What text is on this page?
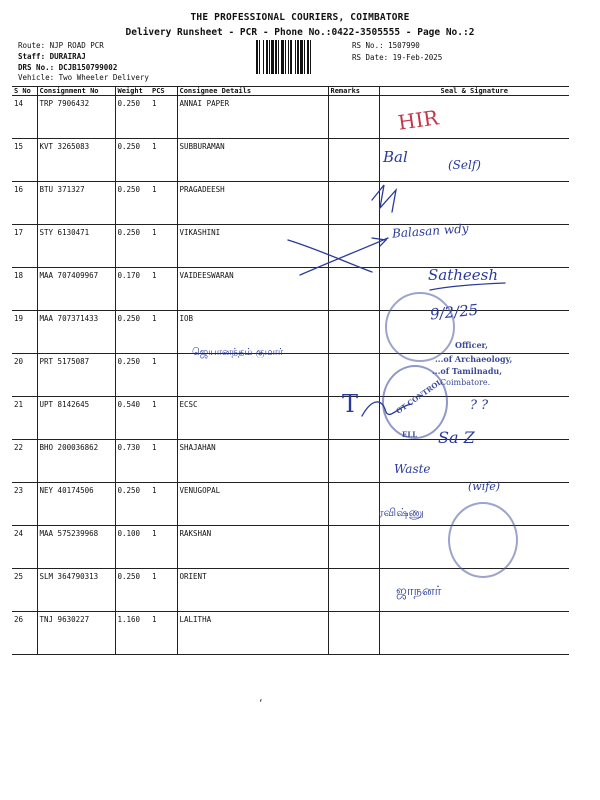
THE PROFESSIONAL COURIERS, COIMBATORE
Delivery Runsheet - PCR - Phone No.:0422-3505555 - Page No.:2
Route: NJP ROAD PCR
Staff: DURAIRAJ
DRS No.: DCJB150799002
Vehicle: Two Wheeler Delivery
RS No.: 1507990
RS Date: 19-Feb-2025
S No	Consignment No	Weight	PCS	Consignee Details	Remarks	Seal & Signature
14	TRP 7906432	0.250	1	ANNAI PAPER		
15	KVT 3265083	0.250	1	SUBBURAMAN		
16	BTU 371327	0.250	1	PRAGADEESH		
17	STY 6130471	0.250	1	VIKASHINI		
18	MAA 707409967	0.170	1	VAIDEESWARAN		
19	MAA 707371433	0.250	1	IOB		
20	PRT 5175087	0.250	1			
21	UPT 8142645	0.540	1	ECSC		
22	BHO 200036862	0.730	1	SHAJAHAN		
23	NEY 40174506	0.250	1	VENUGOPAL		
24	MAA 575239968	0.100	1	RAKSHAN		
25	SLM 364790313	0.250	1	ORIENT		
26	TNJ 9630227	1.160	1	LALITHA		
Officer,
...of Archaeology,
...of Tamilnadu,
Coimbatore.
OT CONTROL
ELL
HIR
Bal	(Self)
Balasan wdy
Satheesh
9/2/25
ஜெயானந்தம் குமார்
? ?
T
Sa Z
Waste
(wife)
ரவிஷ்ணு
ஜாநனர்
‘
